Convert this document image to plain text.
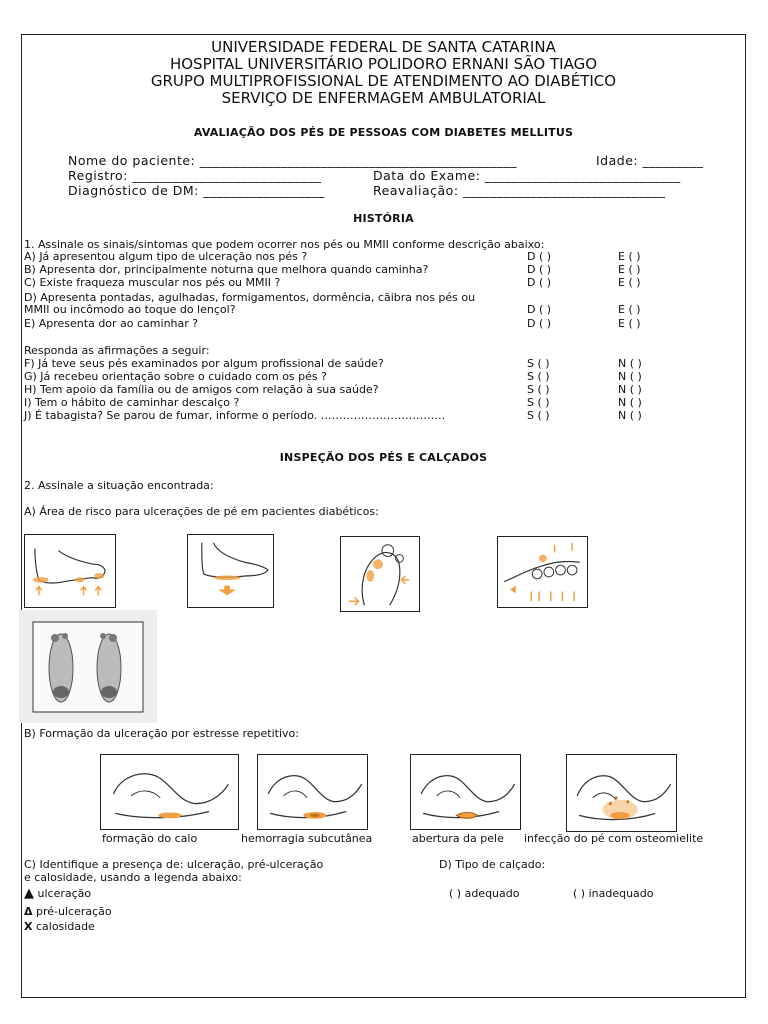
UNIVERSIDADE FEDERAL DE SANTA CATARINA
HOSPITAL UNIVERSITÁRIO POLIDORO ERNANI SÃO TIAGO
GRUPO MULTIPROFISSIONAL DE ATENDIMENTO AO DIABÉTICO
SERVIÇO DE ENFERMAGEM AMBULATORIAL
AVALIAÇÃO DOS PÉS DE PESSOAS COM DIABETES MELLITUS
Nome do paciente: _______________________________________________	Idade: _________
Registro: ____________________________	Data do Exame: _____________________________
Diagnóstico de DM: __________________	Reavaliação: ______________________________
HISTÓRIA
1. Assinale os sinais/sintomas que podem ocorrer nos pés ou MMII conforme descrição abaixo:
A) Já apresentou algum tipo de ulceração nos pés ?	D ( )	E ( )
B) Apresenta dor, principalmente noturna que melhora quando caminha?	D ( )	E ( )
C) Existe fraqueza muscular nos pés ou MMII ?	D ( )	E ( )
D) Apresenta pontadas, agulhadas, formigamentos, dormência, cãibra nos pés ou
MMII ou incômodo ao toque do lençol?	D ( )	E ( )
E) Apresenta dor ao caminhar ?	D ( )	E ( )
Responda as afirmações a seguir:
F) Já teve seus pés examinados por algum profissional de saúde?	S ( )	N ( )
G) Já recebeu orientação sobre o cuidado com os pés ?	S ( )	N ( )
H) Tem apoio da família ou de amigos com relação à sua saúde?	S ( )	N ( )
I) Tem o hábito de caminhar descalço ?	S ( )	N ( )
J) É tabagista? Se parou de fumar, informe o período. …………………………….	S ( )	N ( )
INSPEÇÃO DOS PÉS E CALÇADOS
2. Assinale a situação encontrada:
A) Área de risco para ulcerações de pé em pacientes diabéticos:
B) Formação da ulceração por estresse repetitivo:
formação do calo	hemorragia subcutânea	abertura da pele infecção do pé com osteomielite
C) Identifique a presença de: ulceração, pré-ulceração
e calosidade, usando a legenda abaixo:
D) Tipo de calçado:
▲ ulceração
Δ pré-ulceração
X calosidade
( ) adequado	( ) inadequado
